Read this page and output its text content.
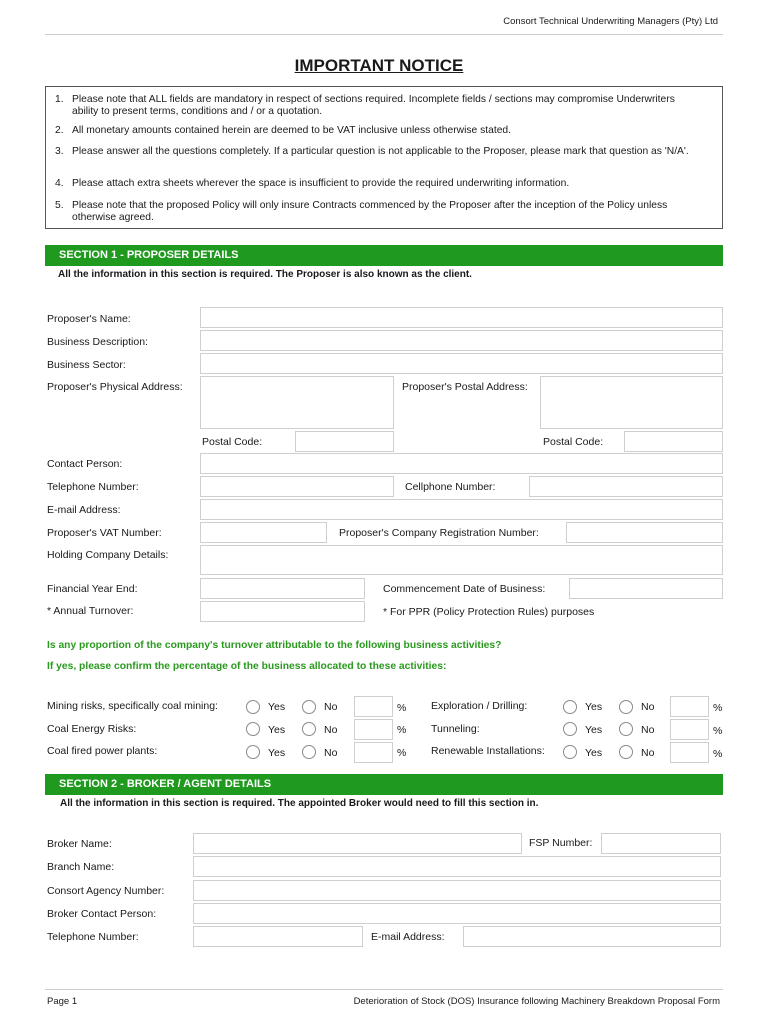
Consort Technical Underwriting Managers (Pty) Ltd
IMPORTANT NOTICE
1. Please note that ALL fields are mandatory in respect of sections required. Incomplete fields / sections may compromise Underwriters ability to present terms, conditions and / or a quotation.
2. All monetary amounts contained herein are deemed to be VAT inclusive unless otherwise stated.
3. Please answer all the questions completely. If a particular question is not applicable to the Proposer, please mark that question as 'N/A'.
4. Please attach extra sheets wherever the space is insufficient to provide the required underwriting information.
5. Please note that the proposed Policy will only insure Contracts commenced by the Proposer after the inception of the Policy unless otherwise agreed.
SECTION 1 - PROPOSER DETAILS
All the information in this section is required. The Proposer is also known as the client.
Proposer's Name:
Business Description:
Business Sector:
Proposer's Physical Address:	Proposer's Postal Address:
Postal Code:	Postal Code:
Contact Person:
Telephone Number:	Cellphone Number:
E-mail Address:
Proposer's VAT Number:	Proposer's Company Registration Number:
Holding Company Details:
Financial Year End:	Commencement Date of Business:
* Annual Turnover:	* For PPR (Policy Protection Rules) purposes
Is any proportion of the company's turnover attributable to the following business activities?
If yes, please confirm the percentage of the business allocated to these activities:
Mining risks, specifically coal mining:	Yes	No	% Exploration / Drilling:	Yes	No	%
Coal Energy Risks:	Yes	No	% Tunneling:	Yes	No	%
Coal fired power plants:	Yes	No	% Renewable Installations:	Yes	No	%
SECTION 2 - BROKER / AGENT DETAILS
All the information in this section is required. The appointed Broker would need to fill this section in.
Broker Name:	FSP Number:
Branch Name:
Consort Agency Number:
Broker Contact Person:
Telephone Number:	E-mail Address:
Page 1	Deterioration of Stock (DOS) Insurance following Machinery Breakdown Proposal Form
